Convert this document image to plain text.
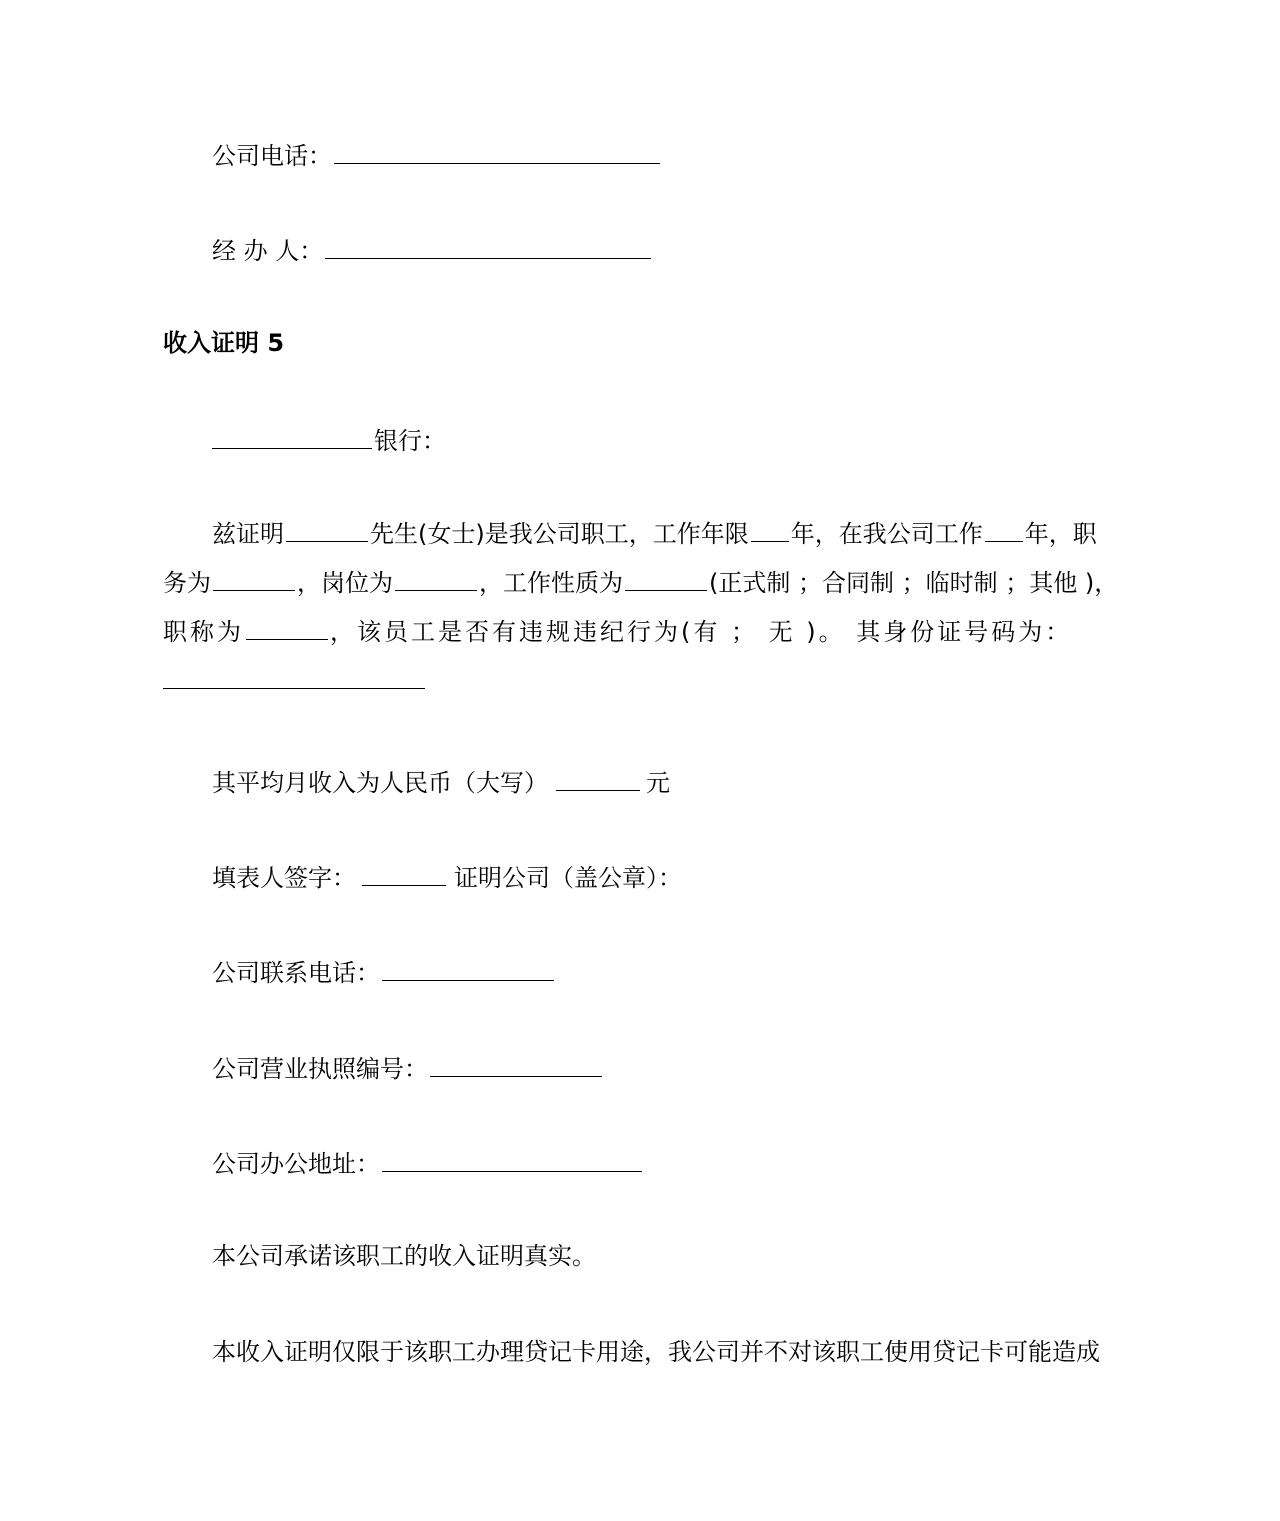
公司电话：
经 办 人：
收入证明 5
银行：
兹证明	先生(女士)是我公司职工，工作年限 年，在我公司工作 年，职
务为	，岗位为	，工作性质为	(正式制 ；合同制 ；临时制 ；其他 )，
职称为	，该员工是否有违规违纪行为(有 ； 无 )。 其身份证号码为：
其平均月收入为人民币（大写）	元
填表人签字：	证明公司（盖公章）：
公司联系电话：
公司营业执照编号：
公司办公地址：
本公司承诺该职工的收入证明真实。
本收入证明仅限于该职工办理贷记卡用途，我公司并不对该职工使用贷记卡可能造成
